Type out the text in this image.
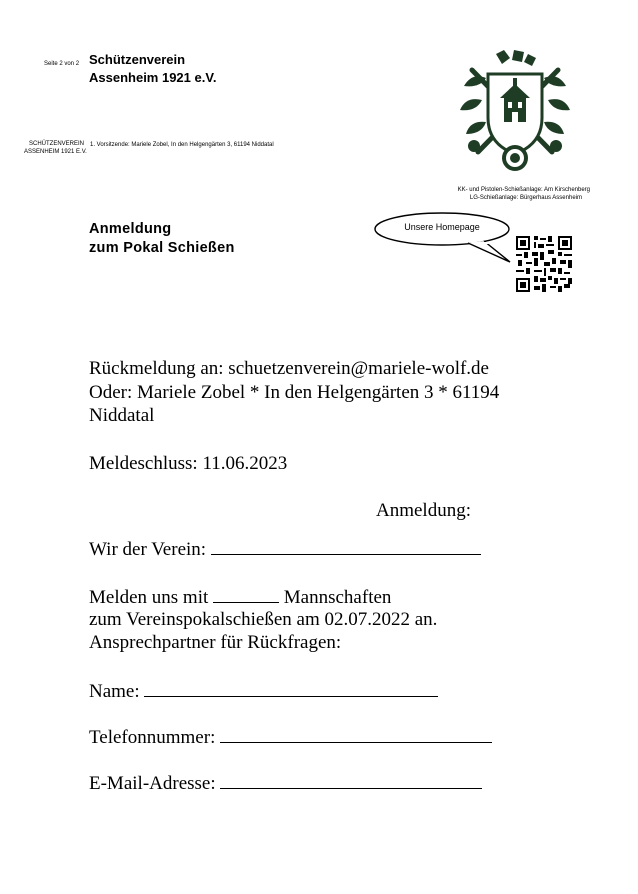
Seite 2 von 2 Schützenverein
Assenheim 1921 e.V.
SCHÜTZENVEREIN
ASSENHEIM 1921 E.V.
1. Vorsitzende: Mariele Zobel, In den Helgengärten 3, 61194 Niddatal
KK- und Pistolen-Schießanlage: Am Kirschenberg
LG-Schießanlage: Bürgerhaus Assenheim
Unsere Homepage
Anmeldung
zum Pokal Schießen
Rückmeldung an: schuetzenverein@mariele-wolf.de
Oder: Mariele Zobel * In den Helgengärten 3 * 61194
Niddatal
Meldeschluss: 11.06.2023
Anmeldung:
Wir der Verein:
Melden uns mit	Mannschaften
zum Vereinspokalschießen am 02.07.2022 an.
Ansprechpartner für Rückfragen:
Name:
Telefonnummer:
E-Mail-Adresse:
